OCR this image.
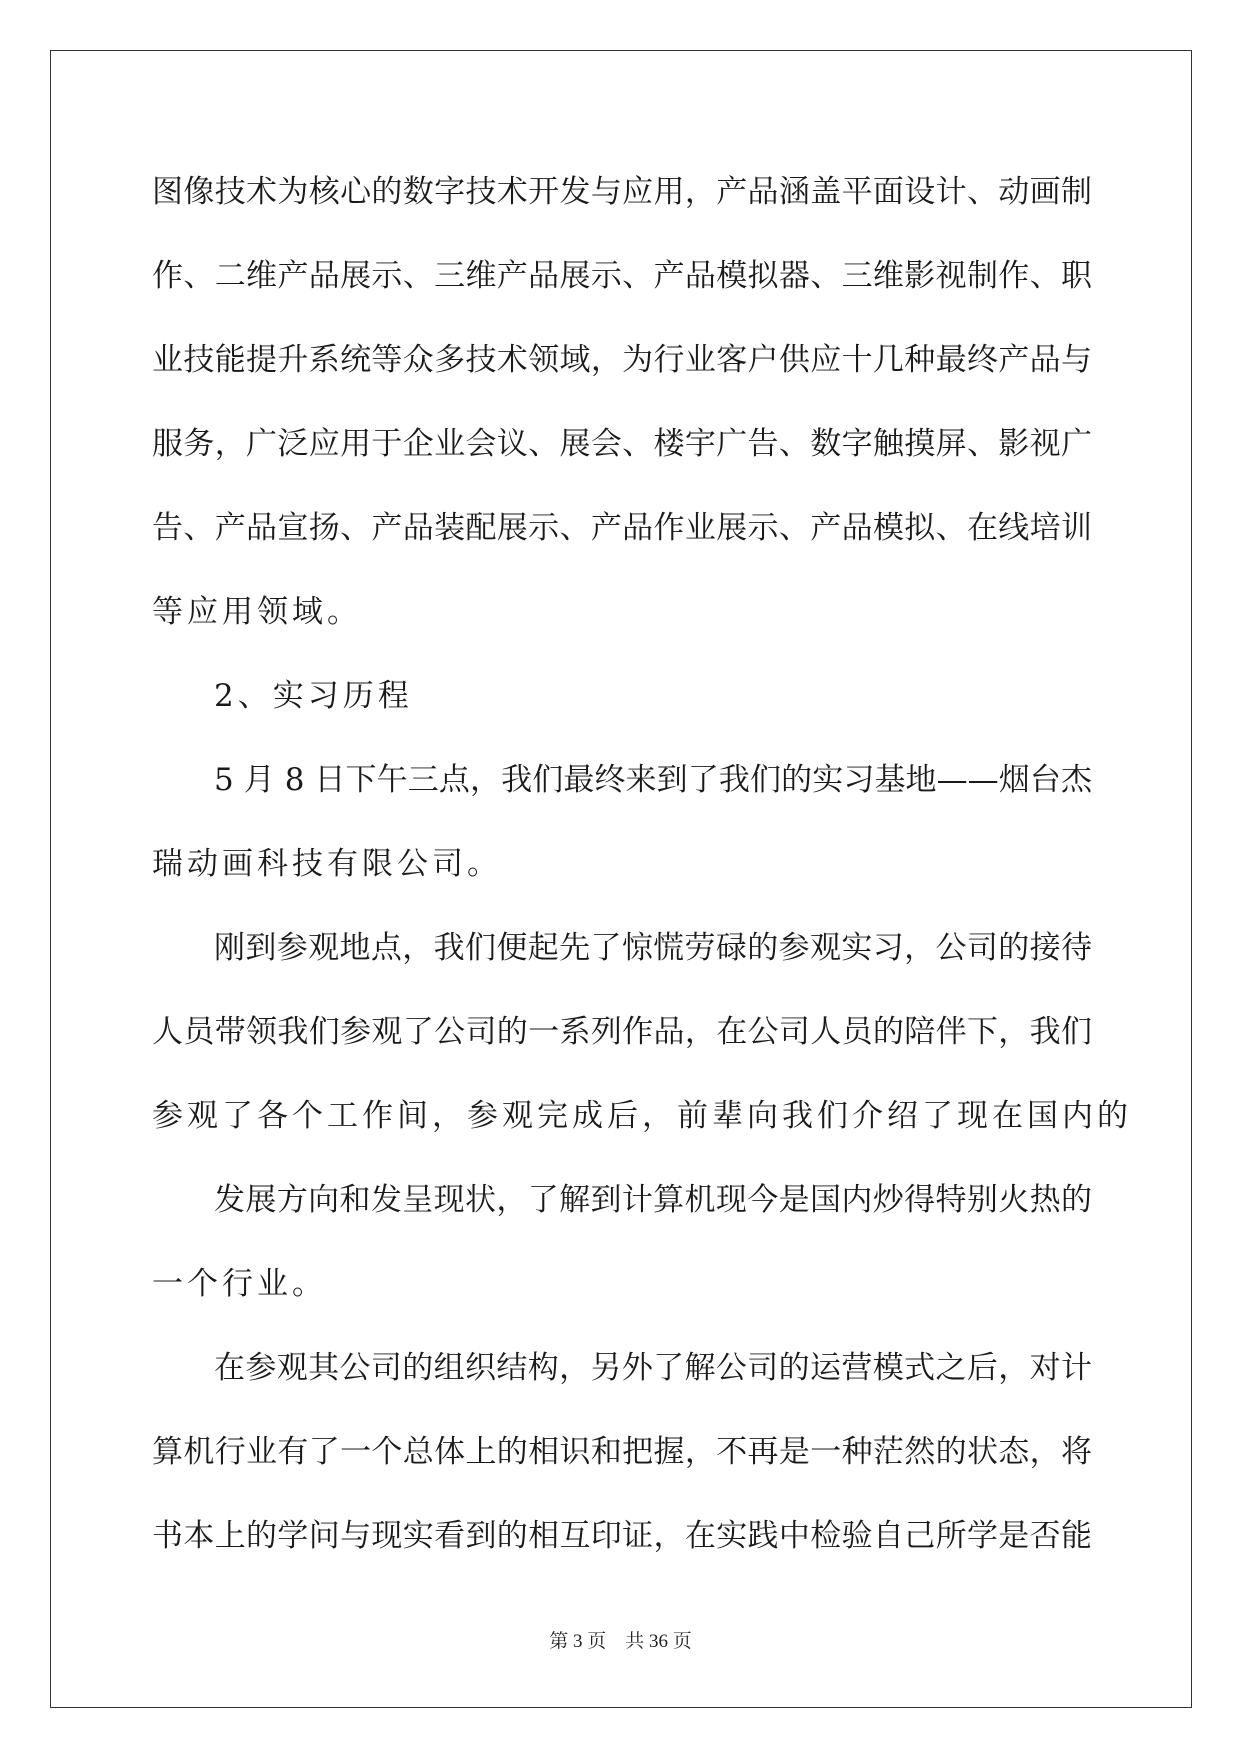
图像技术为核心的数字技术开发与应用，产品涵盖平面设计、动画制
作、二维产品展示、三维产品展示、产品模拟器、三维影视制作、职
业技能提升系统等众多技术领域，为行业客户供应十几种最终产品与
服务，广泛应用于企业会议、展会、楼宇广告、数字触摸屏、影视广
告、产品宣扬、产品装配展示、产品作业展示、产品模拟、在线培训
等应用领域。
2、实习历程
5 月 8 日下午三点，我们最终来到了我们的实习基地——烟台杰
瑞动画科技有限公司。
刚到参观地点，我们便起先了惊慌劳碌的参观实习，公司的接待
人员带领我们参观了公司的一系列作品，在公司人员的陪伴下，我们
参观了各个工作间，参观完成后，前辈向我们介绍了现在国内的
发展方向和发呈现状，了解到计算机现今是国内炒得特别火热的
一个行业。
在参观其公司的组织结构，另外了解公司的运营模式之后，对计
算机行业有了一个总体上的相识和把握，不再是一种茫然的状态，将
书本上的学问与现实看到的相互印证，在实践中检验自己所学是否能
第 3 页    共 36 页
